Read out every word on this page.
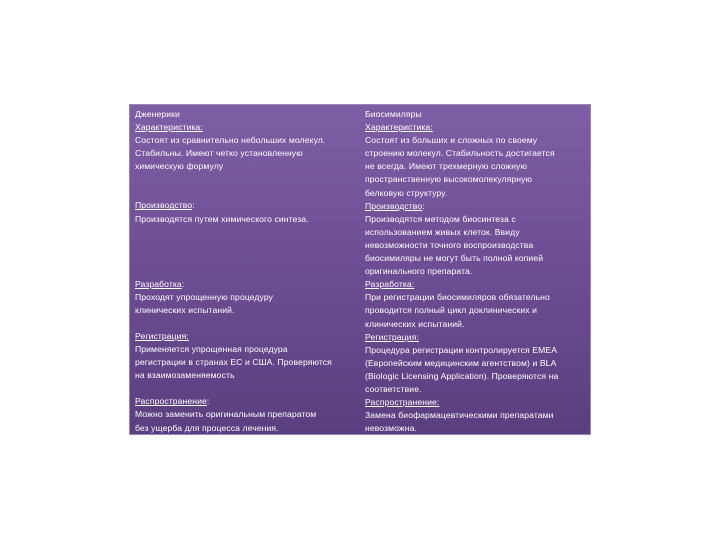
Дженерики
Характеристика:
Состоят из сравнительно небольших молекул.
Стабильны. Имеют четко установленную
химическую формулу
Производство:
Производятся путем химического синтеза.
Разработка:
Проходят упрощенную процедуру
клинических испытаний.
Регистрация:
Применяется упрощенная процедура
регистрации в странах ЕС и США. Проверяются
на взаимозаменяемость
Распространение:
Можно заменить оригинальным препаратом
без ущерба для процесса лечения.
Биосимиляры
Характеристика:
Состоят из больших и сложных по своему
строению молекул. Стабильность достигается
не всегда. Имеют трехмерную сложную
пространственную высокомолекулярную
белковую структуру.
Производство:
Производятся методом биосинтеза с
использованием живых клеток. Ввиду
невозможности точного воспроизводства
биосимиляры не могут быть полной копией
оригинального препарата.
Разработка:
При регистрации биосимиляров обязательно
проводится полный цикл доклинических и
клинических испытаний.
Регистрация:
Процедура регистрации контролируется EMEA
(Европейским медицинским агентством) и BLA
(Biologic Licensing Application). Проверяются на
соответствие.
Распространение:
Замена биофармацевтическими препаратами
невозможна.
